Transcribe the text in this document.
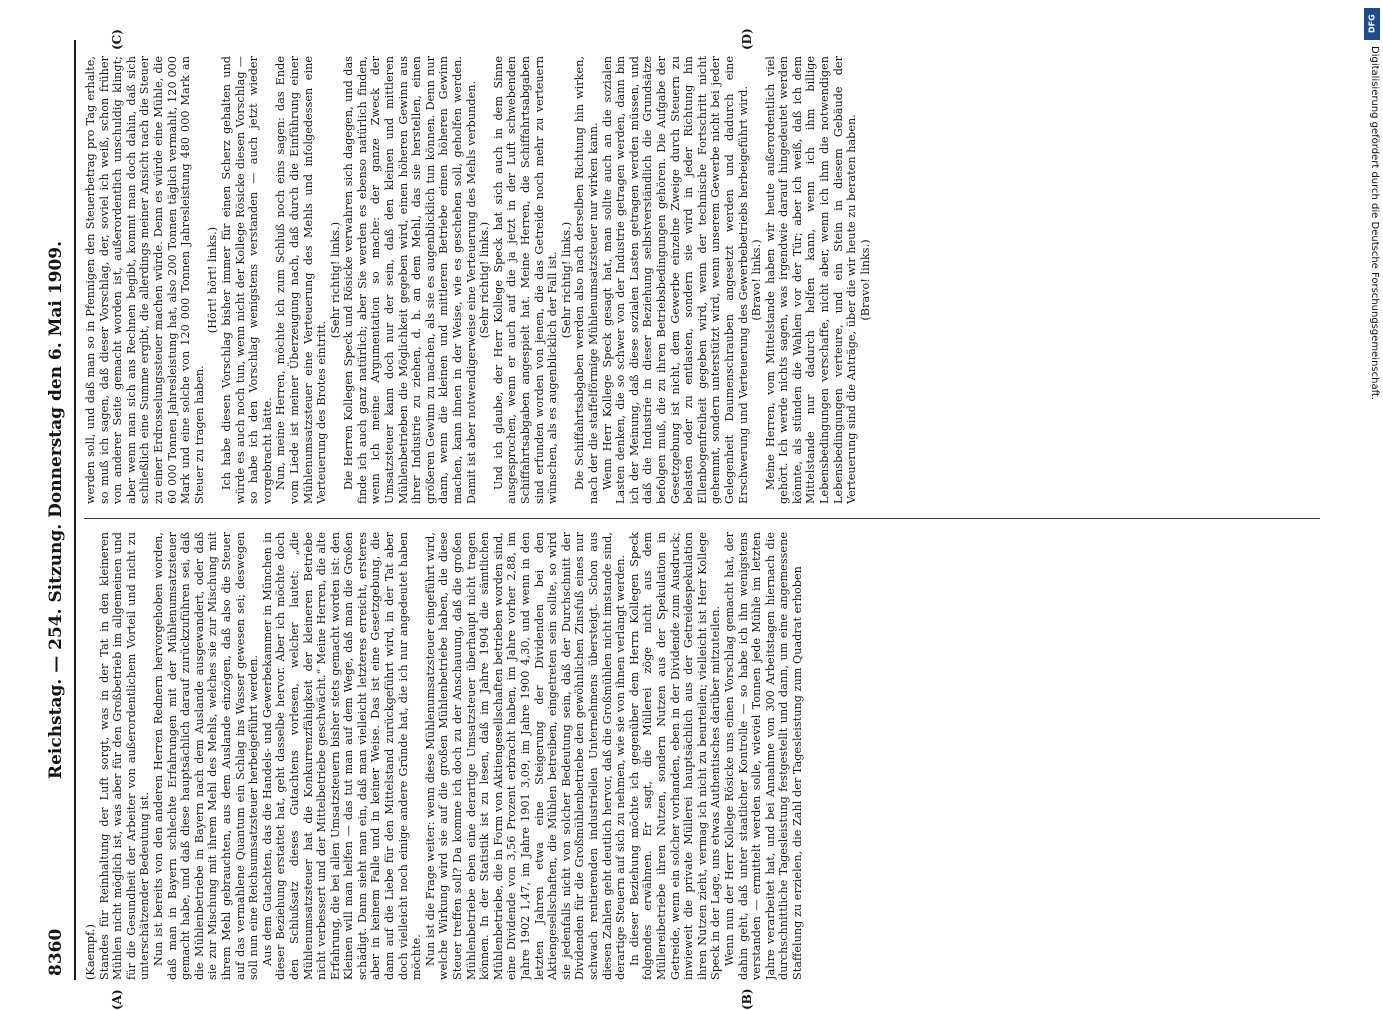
8360
Reichstag. — 254. Sitzung. Donnerstag den 6. Mai 1909.

(Kaempf.) Standes für Reinhaltung der Luft sorgt, was in der Tat in den kleineren Mühlen nicht möglich ist, was aber für den Großbetrieb im allgemeinen und für die Gesundheit der Arbeiter von außerordentlichem Vorteil und nicht zu unterschätzender Bedeutung ist. Nun ist bereits von den anderen Herren Rednern hervorgehoben worden, daß man in Bayern schlechte Erfahrungen mit der Mühlenumsatzsteuer gemacht habe, und daß diese hauptsächlich darauf zurückzuführen sei, daß die Mühlenbetriebe in Bayern nach dem Auslande ausgewandert, oder daß sie zur Mischung mit ihrem Mehl des Mehls, welches sie zur Mischung mit ihrem Mehl gebrauchten, aus dem Auslande einzögen, daß also die Steuer auf das vermahlene Quantum ein Schlag ins Wasser gewesen sei; deswegen soll nun eine Reichsumsatzsteuer herbeigeführt werden. Aus dem Gutachten, das die Handels- und Gewerbekammer in München in dieser Beziehung erstattet hat, geht dasselbe hervor. Aber ich möchte doch den Schlußsatz dieses Gutachtens vorlesen, welcher lautet: „die Mühlenumsatzsteuer hat die Konkurrenzfähigkeit der kleineren Betriebe nicht verbessert und der Mittelbetriebe geschwächt.“ Meine Herren, die alte Erfahrung, die bei allen Umsatzsteuern bisher stets gemacht worden ist: den Kleinen will man helfen — das tut man auf dem Wege, daß man die Großen schädigt. Dann sieht man ein, daß man vielleicht letzteres erreicht, ersteres aber in keinem Falle und in keiner Weise. Das ist eine Gesetzgebung, die dann auf die Liebe für den Mittelstand zurückgeführt wird, in der Tat aber doch vielleicht noch einige andere Gründe hat, die ich nur angedeutet haben möchte. Nun ist die Frage weiter: wenn diese Mühlenumsatzsteuer eingeführt wird, welche Wirkung wird sie auf die großen Mühlenbetriebe haben, die diese Steuer treffen soll? Da komme ich doch zu der Anschauung, daß die großen Mühlenbetriebe eben eine derartige Umsatzsteuer überhaupt nicht tragen können. In der Statistik ist zu lesen, daß im Jahre 1904 die sämtlichen Mühlenbetriebe, die in Form von Aktiengesellschaften betrieben worden sind, eine Dividende von 3,56 Prozent erbracht haben, im Jahre vorher 2,88, im Jahre 1902 1,47, im Jahre 1901 3,09, im Jahre 1900 4,30, und wenn in den letzten Jahren etwa eine Steigerung der Dividenden bei den Aktiengesellschaften, die Mühlen betreiben, eingetreten sein sollte, so wird sie jedenfalls nicht von solcher Bedeutung sein, daß der Durchschnitt der Dividenden für die Großmühlenbetriebe den gewöhnlichen Zinsfuß eines nur schwach rentierenden industriellen Unternehmens übersteigt. Schon aus diesen Zahlen geht deutlich hervor, daß die Großmühlen nicht imstande sind, derartige Steuern auf sich zu nehmen, wie sie von ihnen verlangt werden. In dieser Beziehung möchte ich gegenüber dem Herrn Kollegen Speck folgendes erwähnen. Er sagt, die Müllerei zöge nicht aus dem Müllereibetriebe ihren Nutzen, sondern Nutzen aus der Spekulation in Getreide, wenn ein solcher vorhanden, eben in der Dividende zum Ausdruck; inwieweit die private Müllerei hauptsächlich aus der Getreidespekulation ihren Nutzen zieht, vermag ich nicht zu beurteilen; vielleicht ist Herr Kollege Speck in der Lage, uns etwas Authentisches darüber mitzuteilen. Wenn nun der Herr Kollege Rösicke uns einen Vorschlag gemacht hat, der dahin geht, daß unter staatlicher Kontrolle — so habe ich ihn wenigstens verstanden — ermittelt werden solle, wieviel Tonnen jede Mühle im letzten Jahre verarbeitet hat, und bei Annahme von 300 Arbeitstagen hiernach die durchschnittliche Tagesleistung festgestellt und dann, um eine angemessene Staffelung zu erzielen, die Zahl der Tagesleistung zum Quadrat erhoben

werden soll, und daß man so in Pfennigen den Steuerbetrag pro Tag erhalte, so muß ich sagen, daß dieser Vorschlag, der, soviel ich weiß, schon früher von anderer Seite gemacht worden ist, außerordentlich unschuldig klingt; aber wenn man sich ans Rechnen begibt, kommt man doch dahin, daß sich schließlich eine Summe ergibt, die allerdings meiner Ansicht nach die Steuer zu einer Erdrosselungssteuer machen würde. Denn es würde eine Mühle, die 60 000 Tonnen Jahresleistung hat, also 200 Tonnen täglich vermahlt, 120 000 Mark und eine solche von 120 000 Tonnen Jahresleistung 480 000 Mark an Steuer zu tragen haben.

(Hört! hört! links.) Ich habe diesen Vorschlag bisher immer für einen Scherz gehalten und würde es auch noch tun, wenn nicht der Kollege Rösicke diesen Vorschlag — so habe ich den Vorschlag wenigstens verstanden — auch jetzt wieder vorgebracht hätte. Nun, meine Herren, möchte ich zum Schluß noch eins sagen: das Ende vom Liede ist meiner Überzeugung nach, daß durch die Einführung einer Mühlenumsatzsteuer eine Verteuerung des Mehls und infolgedessen eine Verteuerung des Brotes eintritt.

(Sehr richtig! links.) Die Herren Kollegen Speck und Rösicke verwahren sich dagegen, und das finde ich auch ganz natürlich; aber Sie werden es ebenso natürlich finden, wenn ich meine Argumentation so mache: der ganze Zweck der Umsatzsteuer kann doch nur der sein, daß den kleinen und mittleren Mühlenbetrieben die Möglichkeit gegeben wird, einen höheren Gewinn aus ihrer Industrie zu ziehen, d. h. an dem Mehl, das sie herstellen, einen größeren Gewinn zu machen, als sie es augenblicklich tun können. Denn nur dann, wenn die kleinen und mittleren Betriebe einen höheren Gewinn machen, kann ihnen in der Weise, wie es geschehen soll, geholfen werden. Damit ist aber notwendigerweise eine Verteuerung des Mehls verbunden. (Sehr richtig! links.) Und ich glaube, der Herr Kollege Speck hat sich auch in dem Sinne ausgesprochen, wenn er auch auf die ja jetzt in der Luft schwebenden Schiffahrtsabgaben angespielt hat. Meine Herren, die Schiffahrtsabgaben sind erfunden worden von jenen, die das Getreide noch mehr zu verteuern wünschen, als es augenblicklich der Fall ist. (Sehr richtig! links.) Die Schiffahrtsabgaben werden also nach derselben Richtung hin wirken, nach der die staffelförmige Mühlenumsatzsteuer nur wirken kann. Wenn Herr Kollege Speck gesagt hat, man sollte auch an die sozialen Lasten denken, die so schwer von der Industrie getragen werden, dann bin ich der Meinung, daß diese sozialen Lasten getragen werden müssen, und daß die Industrie in dieser Beziehung selbstverständlich die Grundsätze befolgen muß, die zu ihren Betriebsbedingungen gehören. Die Aufgabe der Gesetzgebung ist nicht, dem Gewerbe einzelne Zweige durch Steuern zu belasten oder zu entlasten, sondern sie wird in jeder Richtung hin Ellenbogenfreiheit gegeben wird, wenn der technische Fortschritt nicht gehemmt, sondern unterstützt wird, wenn unserem Gewerbe nicht bei jeder Gelegenheit Daumenschrauben angesetzt werden und dadurch eine Erschwerung und Verteuerung des Gewerbebetriebs herbeigeführt wird. (Bravo! links.) Meine Herren, vom Mittelstande haben wir heute außerordentlich viel gehört. Ich werde nichts sagen, was irgendwie darauf hingedeutet werden könnte, als stünden die Wahlen vor der Tür; aber ich weiß, daß ich dem Mittelstande nur dadurch helfen kann, wenn ich ihm billige Lebensbedingungen verschaffe, nicht aber, wenn ich ihm die notwendigen Lebensbedingungen verteure, und ein Stein in diesem Gebäude der Verteuerung sind die Anträge, über die wir heute zu beraten haben. (Bravo! links.)

(A)	(B)
(C)	(D)
DFG
Digitalisierung gefördert durch die Deutsche Forschungsgemeinschaft.
